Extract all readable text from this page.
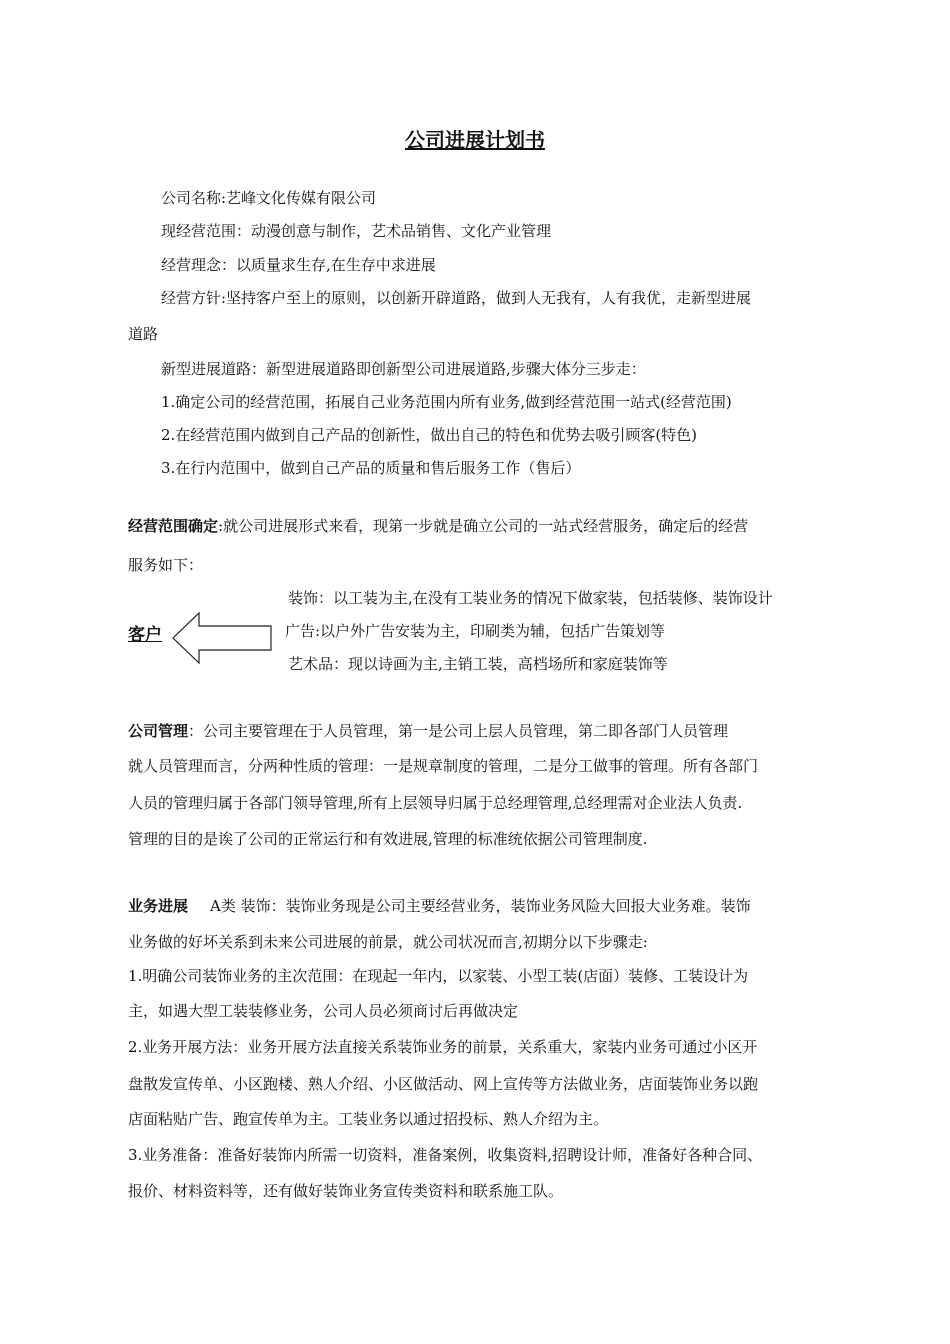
公司进展计划书
公司名称:艺峰文化传媒有限公司
现经营范围：动漫创意与制作，艺术品销售、文化产业管理
经营理念：以质量求生存,在生存中求进展
经营方针:坚持客户至上的原则，以创新开辟道路，做到人无我有，人有我优，走新型进展
道路
新型进展道路：新型进展道路即创新型公司进展道路,步骤大体分三步走：
1.确定公司的经营范围，拓展自己业务范围内所有业务,做到经营范围一站式(经营范围)
2.在经营范围内做到自己产品的创新性，做出自己的特色和优势去吸引顾客(特色)
3.在行内范围中，做到自己产品的质量和售后服务工作（售后）
经营范围确定:就公司进展形式来看，现第一步就是确立公司的一站式经营服务，确定后的经营
服务如下：
客户
装饰：以工装为主,在没有工装业务的情况下做家装，包括装修、装饰设计
广告:以户外广告安装为主，印刷类为辅，包括广告策划等
艺术品：现以诗画为主,主销工装，高档场所和家庭装饰等
公司管理：公司主要管理在于人员管理，第一是公司上层人员管理，第二即各部门人员管理
就人员管理而言，分两种性质的管理：一是规章制度的管理，二是分工做事的管理。所有各部门
人员的管理归属于各部门领导管理,所有上层领导归属于总经理管理,总经理需对企业法人负责.
管理的目的是诶了公司的正常运行和有效进展,管理的标准统依据公司管理制度.
业务进展 A类 装饰：装饰业务现是公司主要经营业务，装饰业务风险大回报大业务难。装饰
业务做的好坏关系到未来公司进展的前景，就公司状况而言,初期分以下步骤走:
1.明确公司装饰业务的主次范围：在现起一年内，以家装、小型工装(店面）装修、工装设计为
主，如遇大型工装装修业务，公司人员必须商讨后再做决定
2.业务开展方法：业务开展方法直接关系装饰业务的前景，关系重大，家装内业务可通过小区开
盘散发宣传单、小区跑楼、熟人介绍、小区做活动、网上宣传等方法做业务，店面装饰业务以跑
店面粘贴广告、跑宣传单为主。工装业务以通过招投标、熟人介绍为主。
3.业务准备：准备好装饰内所需一切资料，准备案例，收集资料,招聘设计师，准备好各种合同、
报价、材料资料等，还有做好装饰业务宣传类资料和联系施工队。
